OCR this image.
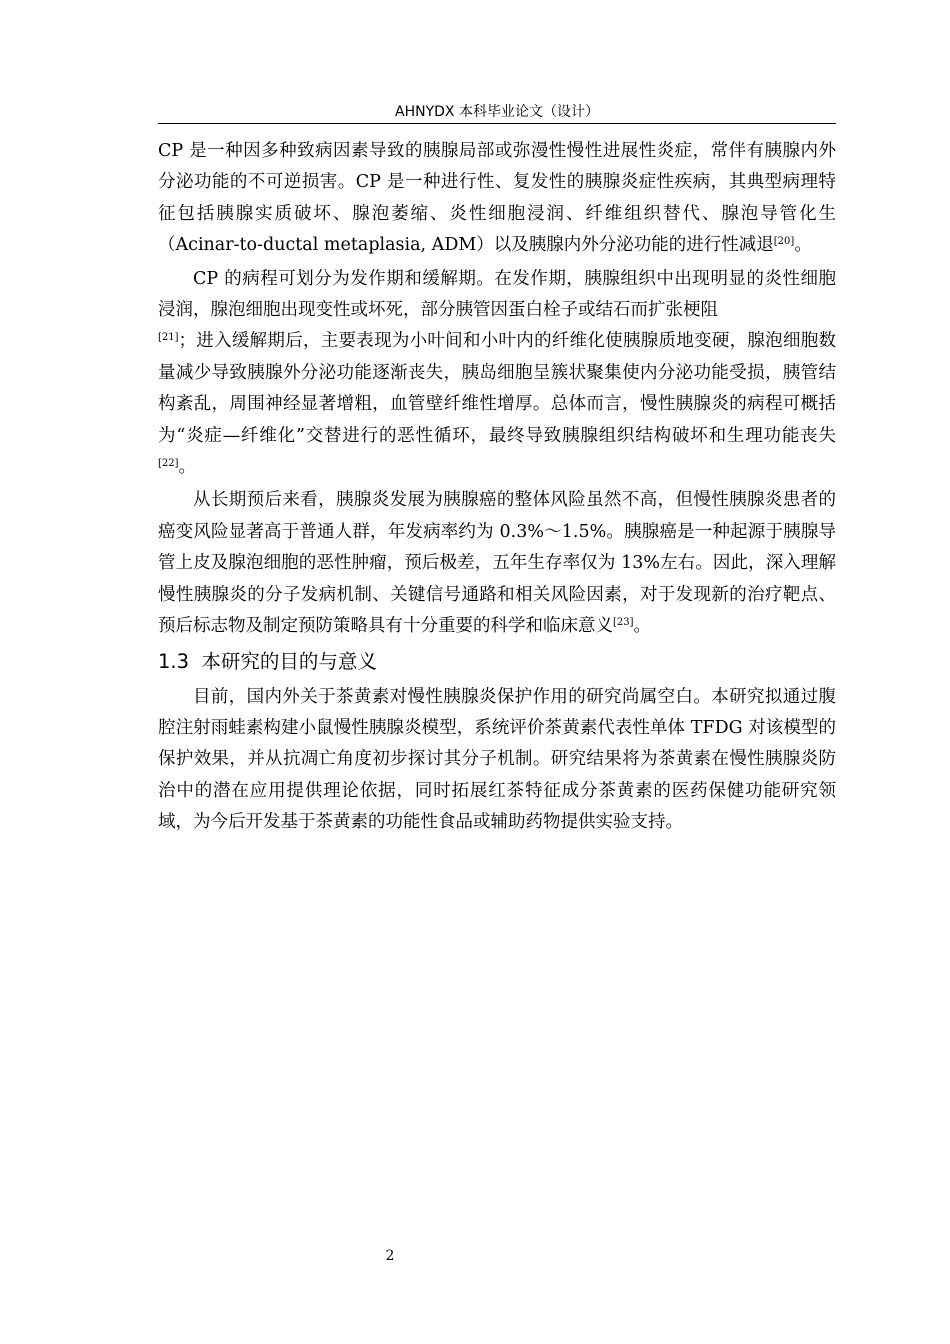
AHNYDX 本科毕业论文（设计）

CP 是一种因多种致病因素导致的胰腺局部或弥漫性慢性进展性炎症，常伴有胰腺内外分泌功能的不可逆损害。CP 是一种进行性、复发性的胰腺炎症性疾病，其典型病理特征包括胰腺实质破坏、腺泡萎缩、炎性细胞浸润、纤维组织替代、腺泡导管化生（Acinar-to-ductal metaplasia, ADM）以及胰腺内外分泌功能的进行性减退[20]。

CP 的病程可划分为发作期和缓解期。在发作期，胰腺组织中出现明显的炎性细胞浸润，腺泡细胞出现变性或坏死，部分胰管因蛋白栓子或结石而扩张梗阻
[21]；进入缓解期后，主要表现为小叶间和小叶内的纤维化使胰腺质地变硬，腺泡细胞数量减少导致胰腺外分泌功能逐渐丧失，胰岛细胞呈簇状聚集使内分泌功能受损，胰管结构紊乱，周围神经显著增粗，血管壁纤维性增厚。总体而言，慢性胰腺炎的病程可概括为“炎症—纤维化”交替进行的恶性循环，最终导致胰腺组织结构破坏和生理功能丧失[22]。

从长期预后来看，胰腺炎发展为胰腺癌的整体风险虽然不高，但慢性胰腺炎患者的癌变风险显著高于普通人群，年发病率约为 0.3%～1.5%。胰腺癌是一种起源于胰腺导管上皮及腺泡细胞的恶性肿瘤，预后极差，五年生存率仅为 13%左右。因此，深入理解慢性胰腺炎的分子发病机制、关键信号通路和相关风险因素，对于发现新的治疗靶点、预后标志物及制定预防策略具有十分重要的科学和临床意义[23]。

1.3 本研究的目的与意义

目前，国内外关于茶黄素对慢性胰腺炎保护作用的研究尚属空白。本研究拟通过腹腔注射雨蛙素构建小鼠慢性胰腺炎模型，系统评价茶黄素代表性单体 TFDG 对该模型的保护效果，并从抗凋亡角度初步探讨其分子机制。研究结果将为茶黄素在慢性胰腺炎防治中的潜在应用提供理论依据，同时拓展红茶特征成分茶黄素的医药保健功能研究领域，为今后开发基于茶黄素的功能性食品或辅助药物提供实验支持。

2
